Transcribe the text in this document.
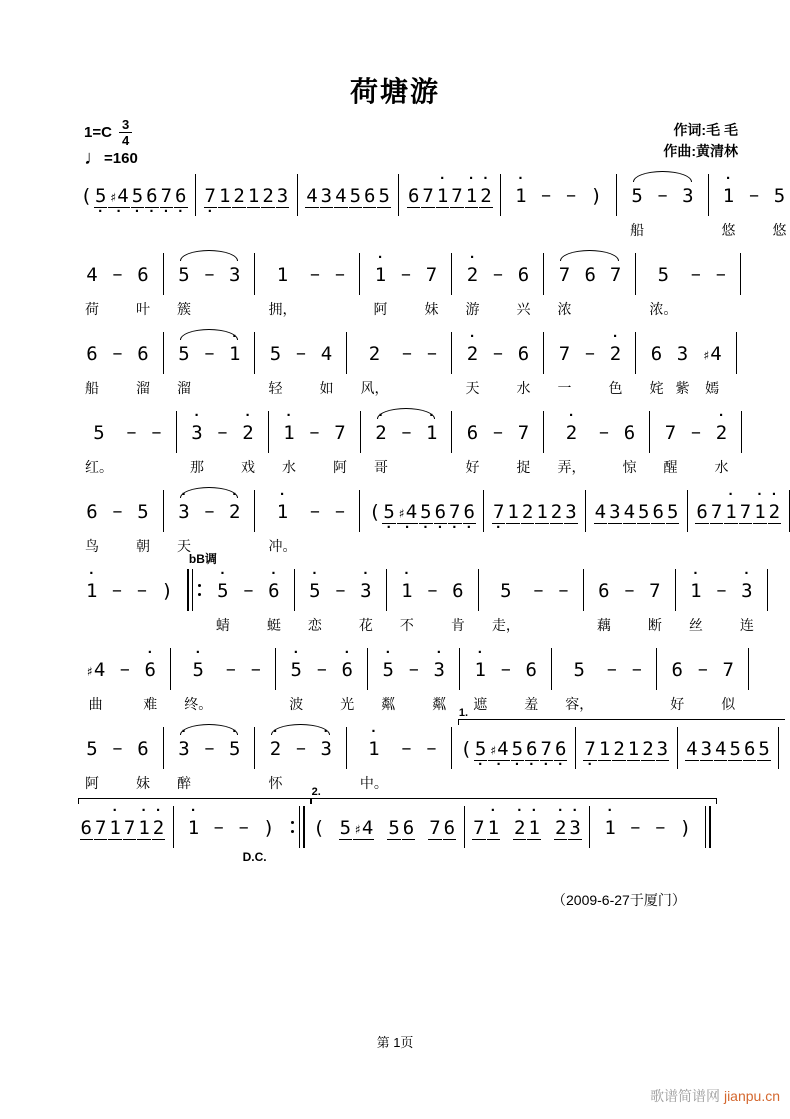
荷塘游
$1=C \frac{3}{4}$
♩ =160
作词:毛 毛
作曲:黄清林

(

5
·

♯4
·

5
·

6
·

7
·

6
·

7
·

1

2

1

2

3

4

3

4

5

6

5

6

7

·
1

7

·
1

·
2

·
1

−

−

)

5

船

−

3

·
1

悠

−

5

悠

4

荷

−

6

叶

5

簇

−

3

	1

拥，

−

−

·
1

阿

−

7

妹
·
2

游

−

6

兴

7

浓

6

7

	5

浓。

−

−

6

船

−

6

溜

5

溜

−

·
1

5

轻

−

4

如

2

风，

−

−

·
2

天

−

6

水

7

一

−

·
2

色

6

姹

3

紫

♯4

嫣

5

红。

−

−

·
3

那

−

·
2

戏
·
1

水

−

7

阿
·
2

哥

−

·
1

6

好

−

7

捉
·
2

弄，

−

6

惊

7

醒

−

·
2

水

6

鸟

−

5

朝
·
3

天

−

·
2

·
1

冲。

−

−

(

5
·

♯4
·

5
·

6
·

7
·

6
·

7
·

1

2

1

2

3

4

3

4

5

6

5

6

7

·
1

7

·
1

·
2

·
1

−

−

)

bB调
·
5

蜻

−

·
6

蜓
·
5

恋

−

·
3

花
·
1

不

−

6

肯

5

走，

−

−

6

藕

−

7

断
·
1

丝

−

·
3

连

♯4

曲

−

·
6

难
·
5

终。

−

−

·
5

波

−

·
6

光
·
5

粼

−

·
3

粼
·
1

遮

−

6

羞

5

容，

−

−

6

好

−

7

似

5

阿

−

6

妹
·
3

醉

−

·
5

·
2

怀

−

·
3

·
1

中。

−

−

1.

(

5
·

♯4
·

5
·

6
·

7
·

6
·

7
·

1

2

1

2

3

4

3

4

5

6

5

6

7

·
1

7

·
1

·
2

·
1

−

−

)

D.C.
2.

(

5

♯4

5

6

7

6

7

·
1

·
2

·
1

·
2

·
3

·
1

−

−

)

（2009-6-27于厦门）
第 1页
歌谱简谱网 jianpu.cn
